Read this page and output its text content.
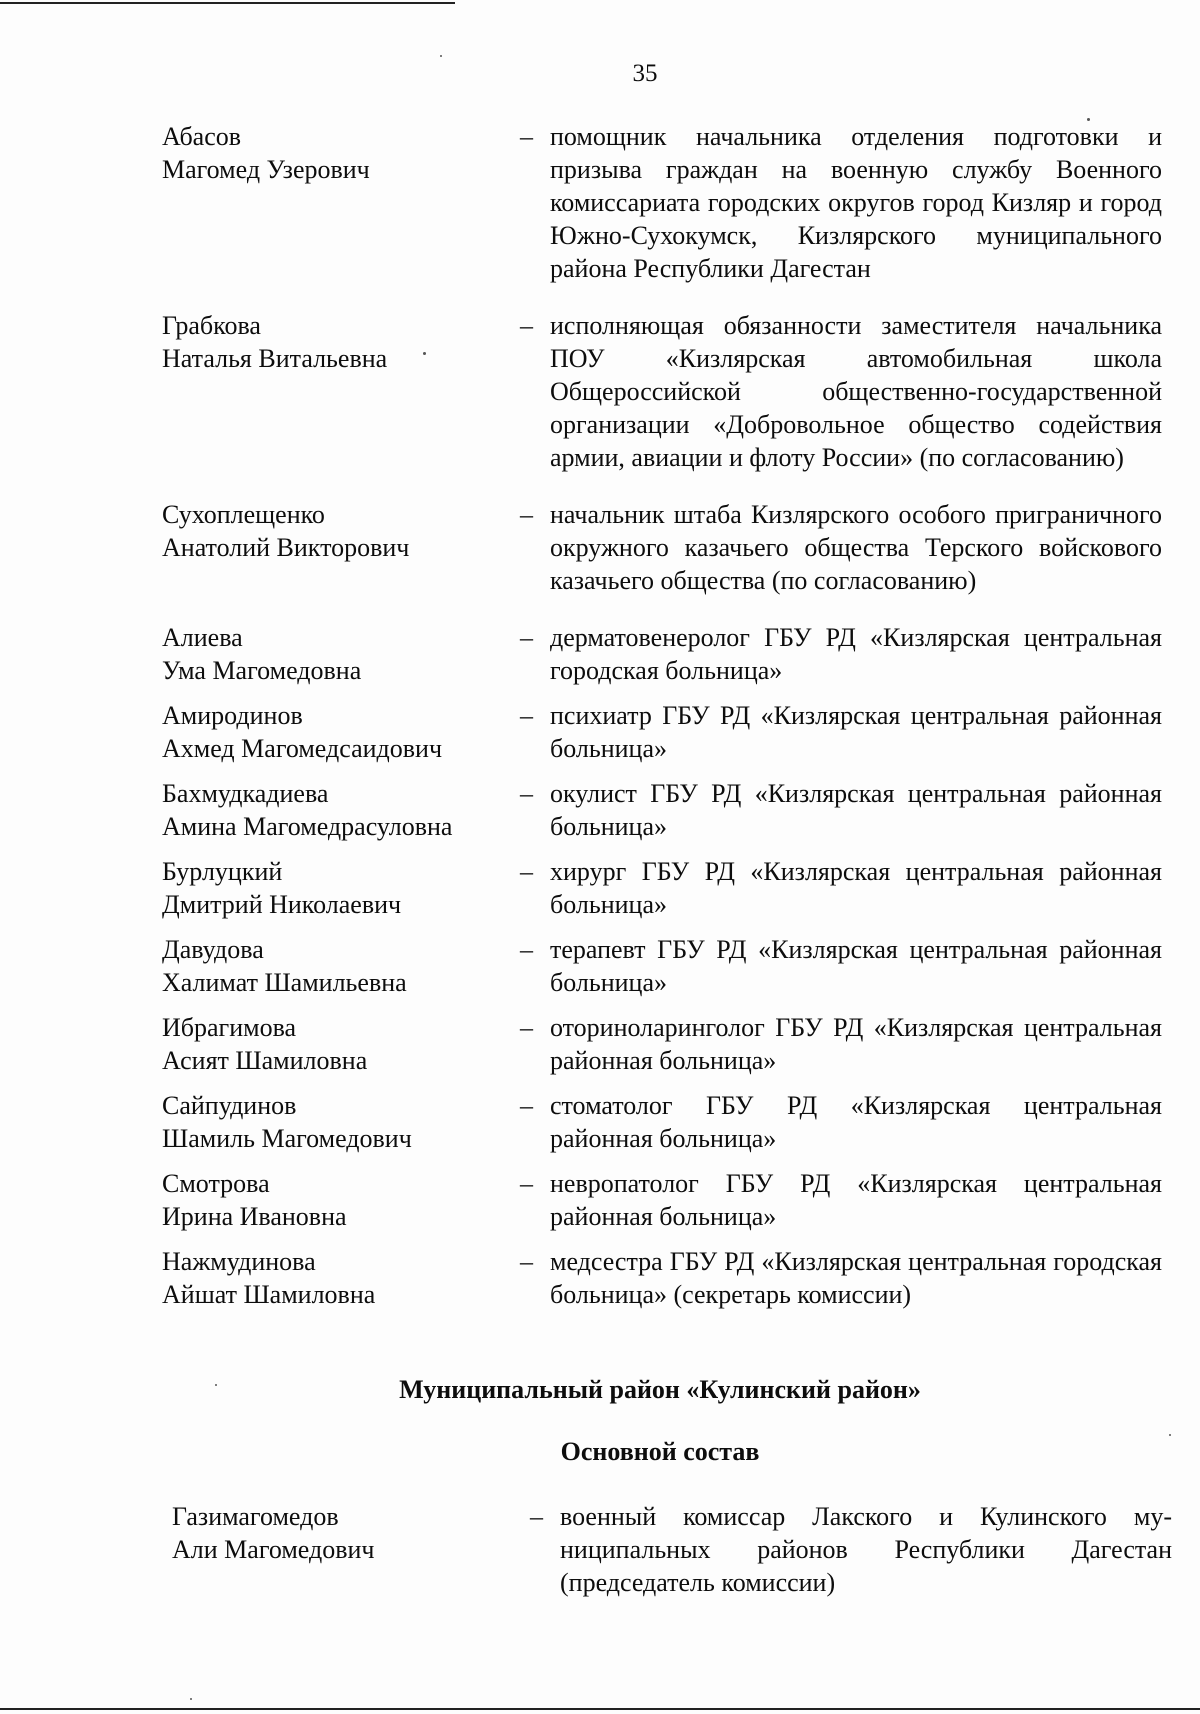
35
Абасов
Магомед Узерович
– помощник начальника отделения подготовки и призыва граждан на военную службу Военного комиссариата городских округов город Кизляр и город Южно-Сухокумск, Кизлярского муниципального района Республики Дагестан
Грабкова
Наталья Витальевна
– исполняющая обязанности заместителя начальника ПОУ «Кизлярская автомобильная школа Общероссийской общественно-государственной организации «Добровольное общество содействия армии, авиации и флоту России» (по согласованию)
Сухоплещенко
Анатолий Викторович
– начальник штаба Кизлярского особого приграничного окружного казачьего общества Терского войскового казачьего общества (по согласованию)
Алиева
Ума Магомедовна
– дерматовенеролог ГБУ РД «Кизлярская центральная городская больница»
Амиродинов
Ахмед Магомедсаидович
– психиатр ГБУ РД «Кизлярская центральная районная больница»
Бахмудкадиева
Амина Магомедрасуловна
– окулист ГБУ РД «Кизлярская центральная районная больница»
Бурлуцкий
Дмитрий Николаевич
– хирург ГБУ РД «Кизлярская центральная районная больница»
Давудова
Халимат Шамильевна
– терапевт ГБУ РД «Кизлярская центральная районная больница»
Ибрагимова
Асият Шамиловна
– оториноларинголог ГБУ РД «Кизлярская центральная районная больница»
Сайпудинов
Шамиль Магомедович
– стоматолог ГБУ РД «Кизлярская центральная районная больница»
Смотрова
Ирина Ивановна
– невропатолог ГБУ РД «Кизлярская центральная районная больница»
Нажмудинова
Айшат Шамиловна
– медсестра ГБУ РД «Кизлярская центральная городская больница» (секретарь комиссии)
Муниципальный район «Кулинский район»
Основной состав
Газимагомедов
Али Магомедович
– военный комиссар Лакского и Кулинского муниципальных районов Республики Дагестан (председатель комиссии)
